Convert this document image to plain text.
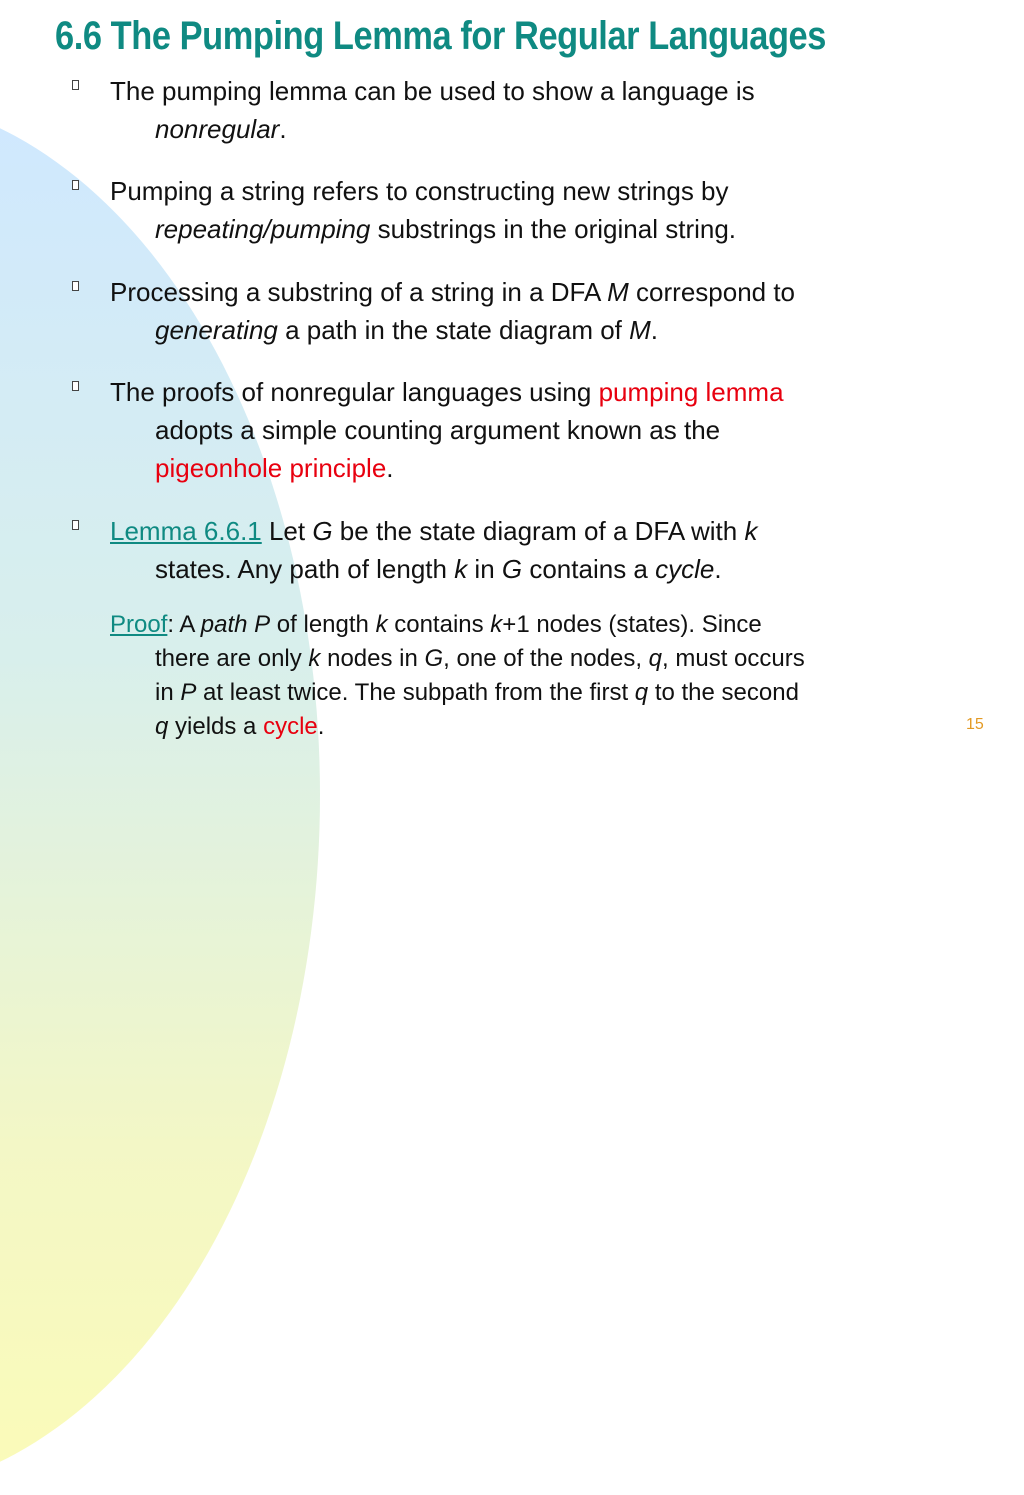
6.6 The Pumping Lemma for Regular Languages
The pumping lemma can be used to show a language is
nonregular.
Pumping a string refers to constructing new strings by
repeating/pumping substrings in the original string.
Processing a substring of a string in a DFA M correspond to
generating a path in the state diagram of M.
The proofs of nonregular languages using pumping lemma
adopts a simple counting argument known as the
pigeonhole principle.
Lemma 6.6.1 Let G be the state diagram of a DFA with k
states. Any path of length k in G contains a cycle.
Proof: A path P of length k contains k+1 nodes (states). Since
there are only k nodes in G, one of the nodes, q, must occurs
in P at least twice. The subpath from the first q to the second
q yields a cycle.	15
